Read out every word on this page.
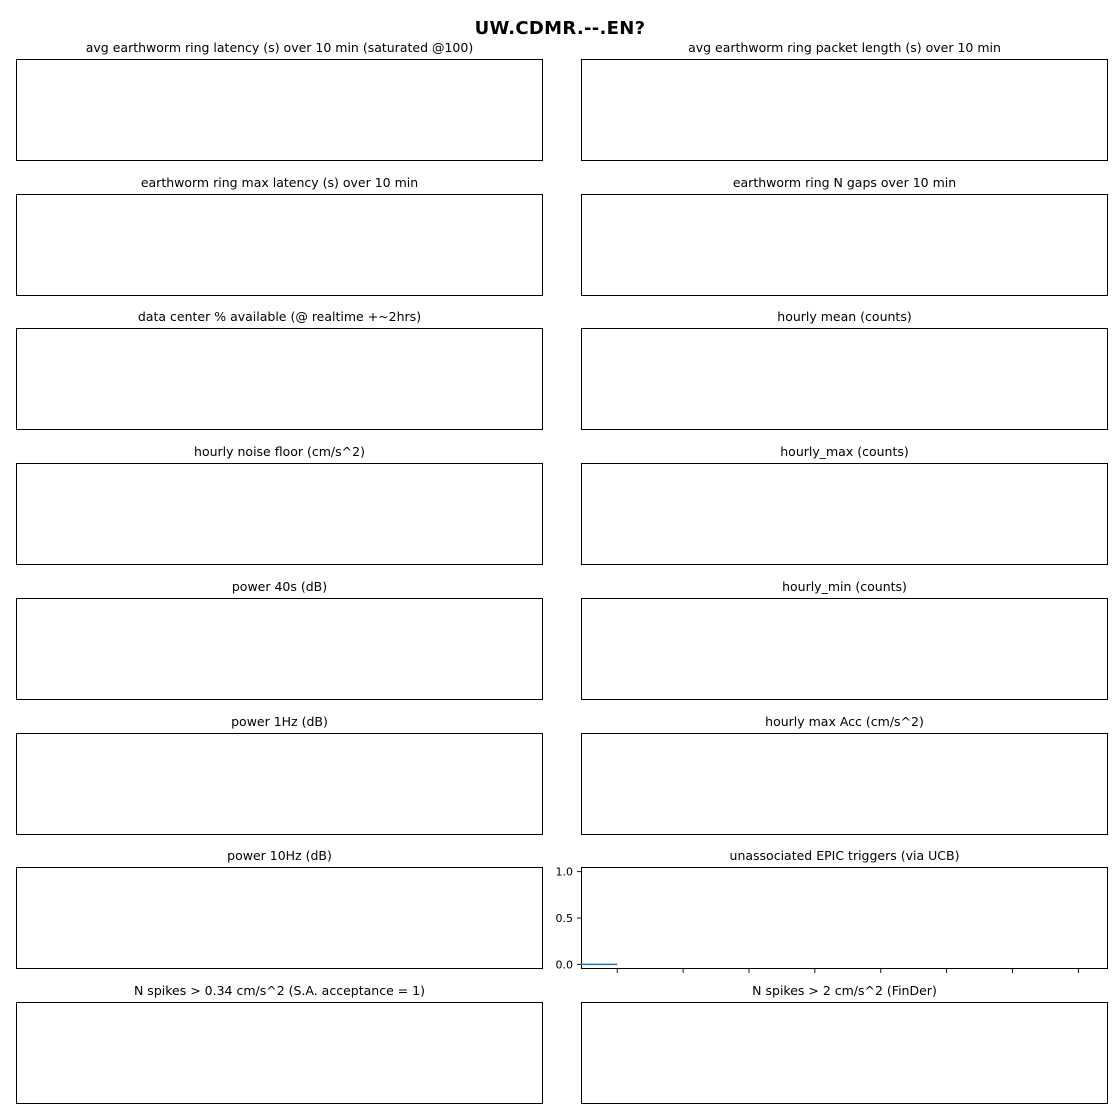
UW.CDMR.--.EN?
avg earthworm ring latency (s) over 10 min (saturated @100)	avg earthworm ring packet length (s) over 10 min
earthworm ring max latency (s) over 10 min	earthworm ring N gaps over 10 min
data center % available (@ realtime +~2hrs)	hourly mean (counts)
hourly noise floor (cm/s^2)	hourly_max (counts)
power 40s (dB)	hourly_min (counts)
power 1Hz (dB)	hourly max Acc (cm/s^2)
power 10Hz (dB)	unassociated EPIC triggers (via UCB)
0.0
0.5
1.0
N spikes > 0.34 cm/s^2 (S.A. acceptance = 1)	N spikes > 2 cm/s^2 (FinDer)
